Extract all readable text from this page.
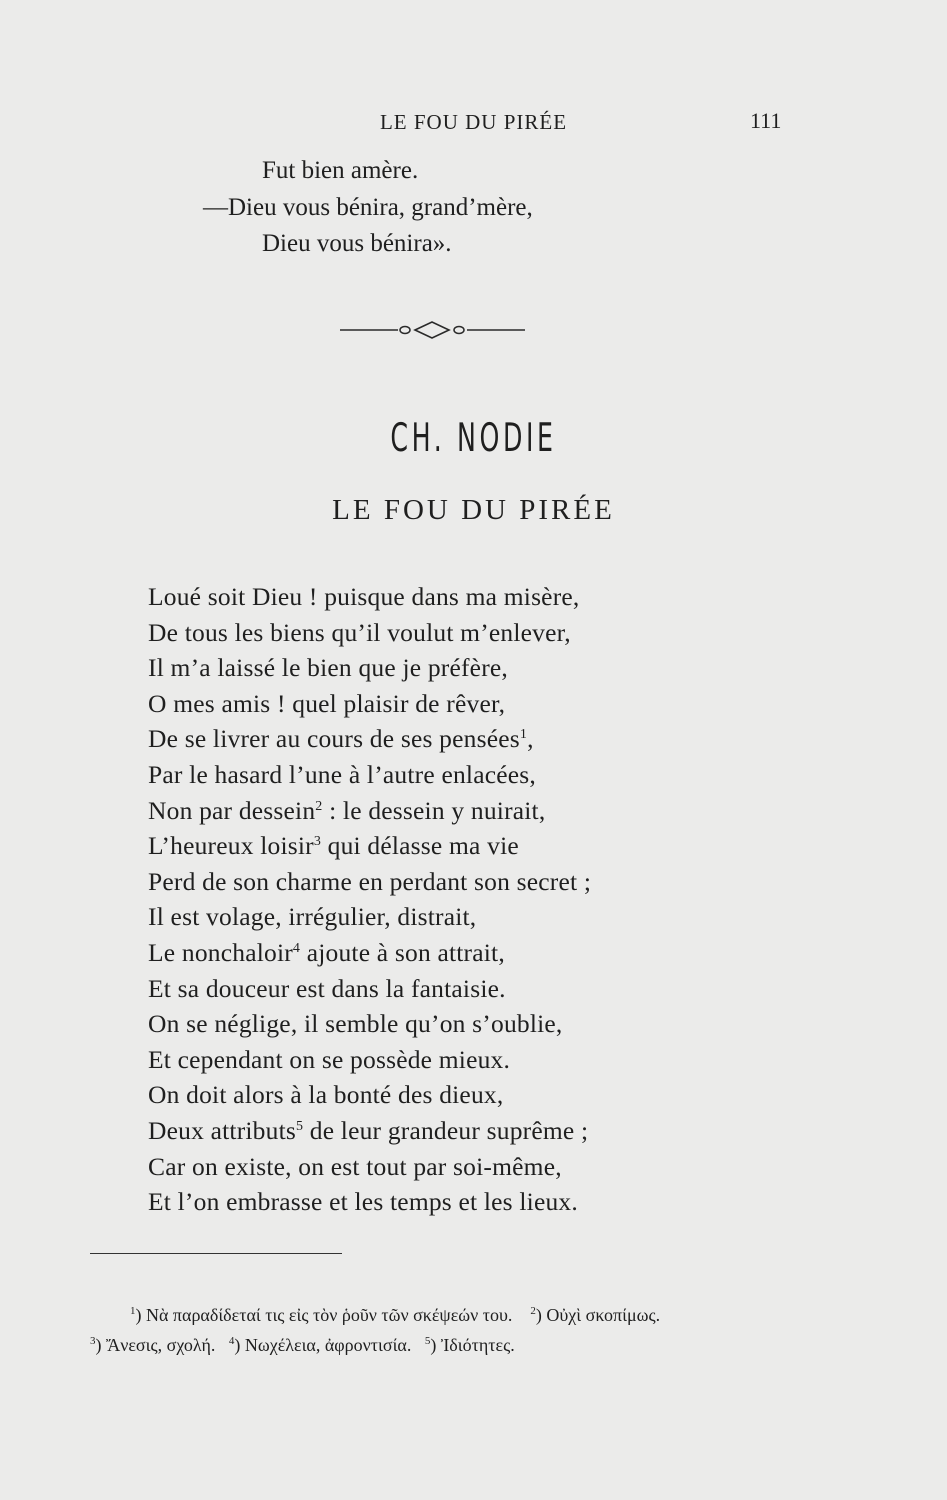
LE FOU DU PIRÉE	111
Fut bien amère.
—Dieu vous bénira, grand’mère,
Dieu vous bénira».
CH. NODIE
LE FOU DU PIRÉE
Loué soit Dieu ! puisque dans ma misère,
De tous les biens qu’il voulut m’enlever,
Il m’a laissé le bien que je préfère,
O mes amis ! quel plaisir de rêver,
De se livrer au cours de ses pensées$^1$,
Par le hasard l’une à l’autre enlacées,
Non par dessein$^2$ : le dessein y nuirait,
L’heureux loisir$^3$ qui délasse ma vie
Perd de son charme en perdant son secret ;
Il est volage, irrégulier, distrait,
Le nonchaloir$^4$ ajoute à son attrait,
Et sa douceur est dans la fantaisie.
On se néglige, il semble qu’on s’oublie,
Et cependant on se possède mieux.
On doit alors à la bonté des dieux,
Deux attributs$^5$ de leur grandeur suprême ;
Car on existe, on est tout par soi-même,
Et l’on embrasse et les temps et les lieux.
$^1$) Νὰ παραδίδεταί τις εἰς τὸν ῥοῦν τῶν σκέψεών του. $^2$) Οὐχὶ σκοπίμως.
$^3$) Ἄνεσις, σχολή. $^4$) Νωχέλεια, ἀφροντισία. $^5$) Ἰδιότητες.
